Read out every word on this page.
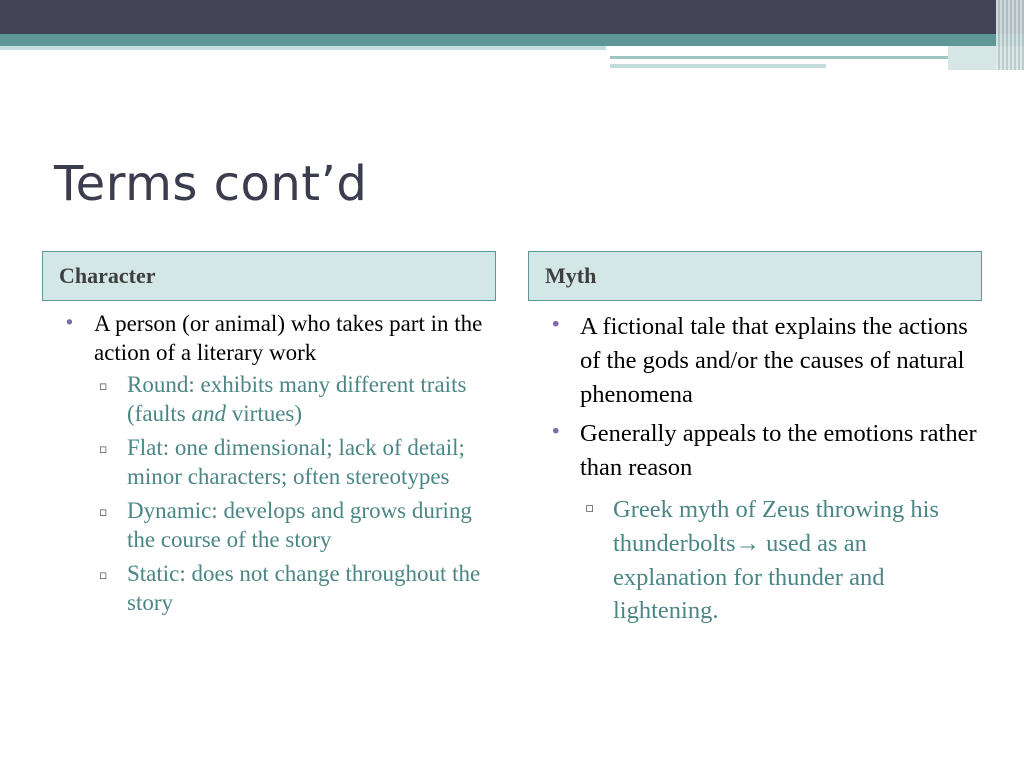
Terms cont’d
Character
• A person (or animal) who takes part in the action of a literary work
▫ Round: exhibits many different traits (faults and virtues)
▫ Flat: one dimensional; lack of detail; minor characters; often stereotypes
▫ Dynamic: develops and grows during the course of the story
▫ Static: does not change throughout the story
Myth
• A fictional tale that explains the actions of the gods and/or the causes of natural phenomena
• Generally appeals to the emotions rather than reason
▫ Greek myth of Zeus throwing his thunderbolts→ used as an explanation for thunder and lightening.
